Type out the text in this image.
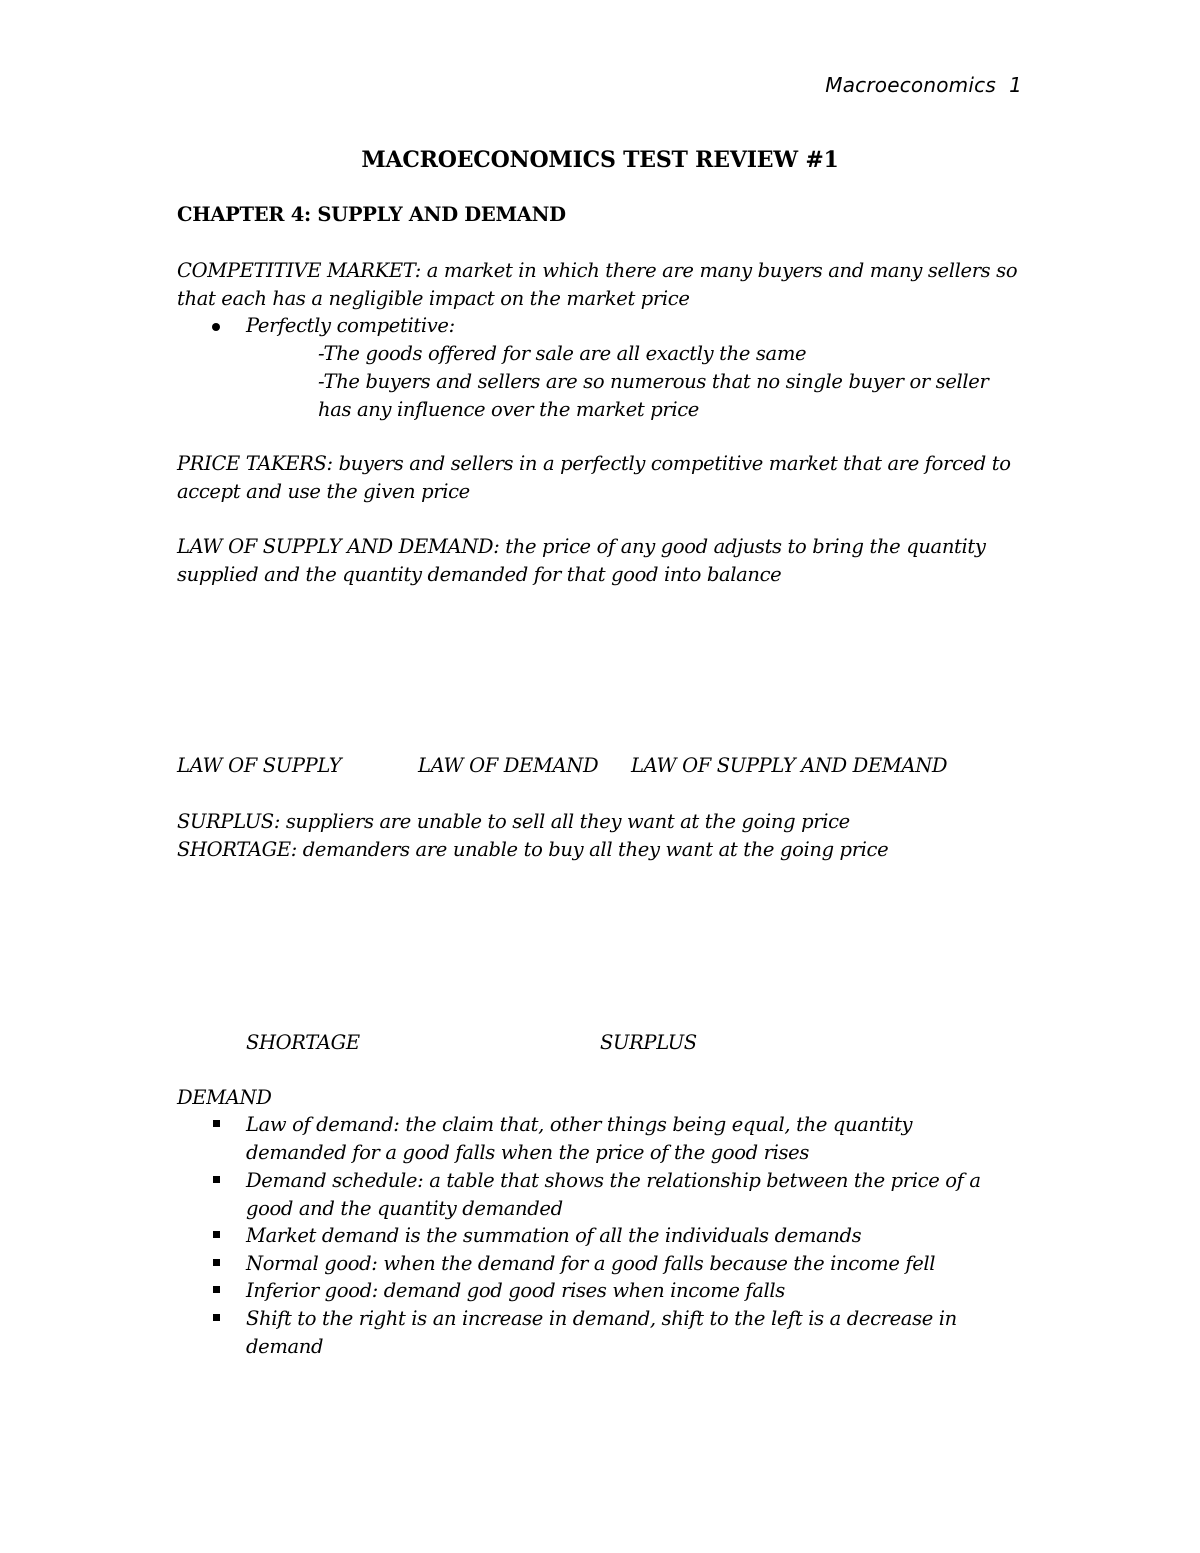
Macroeconomics 1
MACROECONOMICS TEST REVIEW #1
CHAPTER 4: SUPPLY AND DEMAND
COMPETITIVE MARKET: a market in which there are many buyers and many sellers so
that each has a negligible impact on the market price
Perfectly competitive:
-The goods offered for sale are all exactly the same
-The buyers and sellers are so numerous that no single buyer or seller
has any influence over the market price
PRICE TAKERS: buyers and sellers in a perfectly competitive market that are forced to
accept and use the given price
LAW OF SUPPLY AND DEMAND: the price of any good adjusts to bring the quantity
supplied and the quantity demanded for that good into balance
LAW OF SUPPLY	LAW OF DEMAND LAW OF SUPPLY AND DEMAND
SURPLUS: suppliers are unable to sell all they want at the going price
SHORTAGE: demanders are unable to buy all they want at the going price
SHORTAGE	SURPLUS
DEMAND
Law of demand: the claim that, other things being equal, the quantity
demanded for a good falls when the price of the good rises
Demand schedule: a table that shows the relationship between the price of a
good and the quantity demanded
Market demand is the summation of all the individuals demands
Normal good: when the demand for a good falls because the income fell
Inferior good: demand god good rises when income falls
Shift to the right is an increase in demand, shift to the left is a decrease in
demand
